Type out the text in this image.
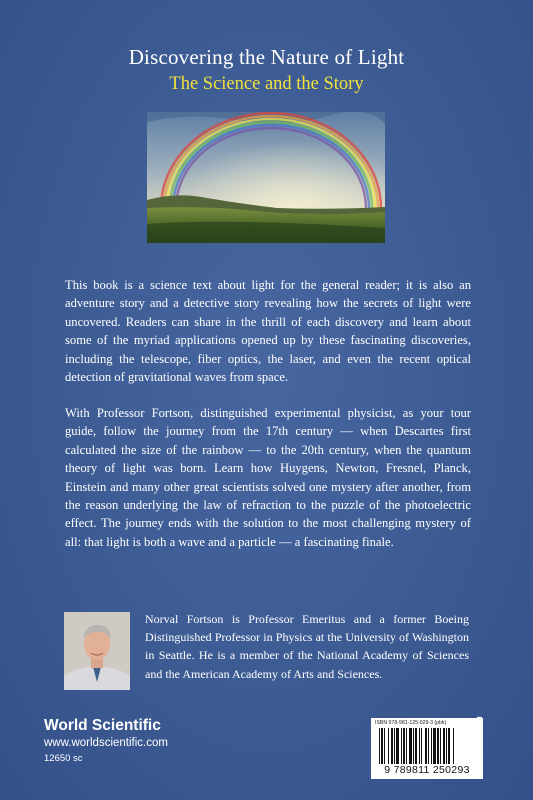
Discovering the Nature of Light
The Science and the Story
This book is a science text about light for the general reader; it is also an adventure story and a detective story revealing how the secrets of light were uncovered. Readers can share in the thrill of each discovery and learn about some of the myriad applications opened up by these fascinating discoveries, including the telescope, fiber optics, the laser, and even the recent optical detection of gravitational waves from space.
With Professor Fortson, distinguished experimental physicist, as your tour guide, follow the journey from the 17th century — when Descartes first calculated the size of the rainbow — to the 20th century, when the quantum theory of light was born. Learn how Huygens, Newton, Fresnel, Planck, Einstein and many other great scientists solved one mystery after another, from the reason underlying the law of refraction to the puzzle of the photoelectric effect. The journey ends with the solution to the most challenging mystery of all: that light is both a wave and a particle — a fascinating finale.
Norval Fortson is Professor Emeritus and a former Boeing Distinguished Professor in Physics at the University of Washington in Seattle. He is a member of the National Academy of Sciences and the American Academy of Arts and Sciences.
World Scientific
www.worldscientific.com
12650 sc
ISBN 978-981-125-029-3 (pbk)
9 789811 250293
